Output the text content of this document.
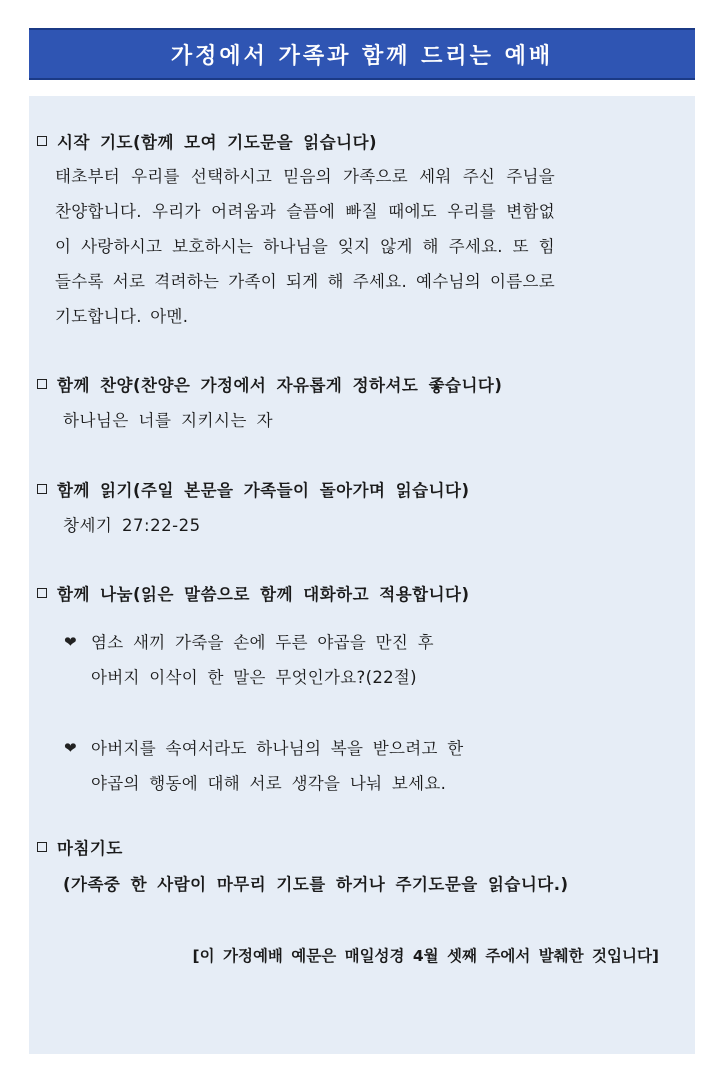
가정에서 가족과 함께 드리는 예배
시작 기도(함께 모여 기도문을 읽습니다)
태초부터 우리를 선택하시고 믿음의 가족으로 세워 주신 주님을 찬양합니다. 우리가 어려움과 슬픔에 빠질 때에도 우리를 변함없이 사랑하시고 보호하시는 하나님을 잊지 않게 해 주세요. 또 힘들수록 서로 격려하는 가족이 되게 해 주세요. 예수님의 이름으로 기도합니다. 아멘.
함께 찬양(찬양은 가정에서 자유롭게 정하셔도 좋습니다)
하나님은 너를 지키시는 자
함께 읽기(주일 본문을 가족들이 돌아가며 읽습니다)
창세기 27:22-25
함께 나눔(읽은 말씀으로 함께 대화하고 적용합니다)
❤ 염소 새끼 가죽을 손에 두른 야곱을 만진 후
아버지 이삭이 한 말은 무엇인가요?(22절)
❤ 아버지를 속여서라도 하나님의 복을 받으려고 한
야곱의 행동에 대해 서로 생각을 나눠 보세요.
마침기도
(가족중 한 사람이 마무리 기도를 하거나 주기도문을 읽습니다.)
[이 가정예배 예문은 매일성경 4월 셋째 주에서 발췌한 것입니다]
